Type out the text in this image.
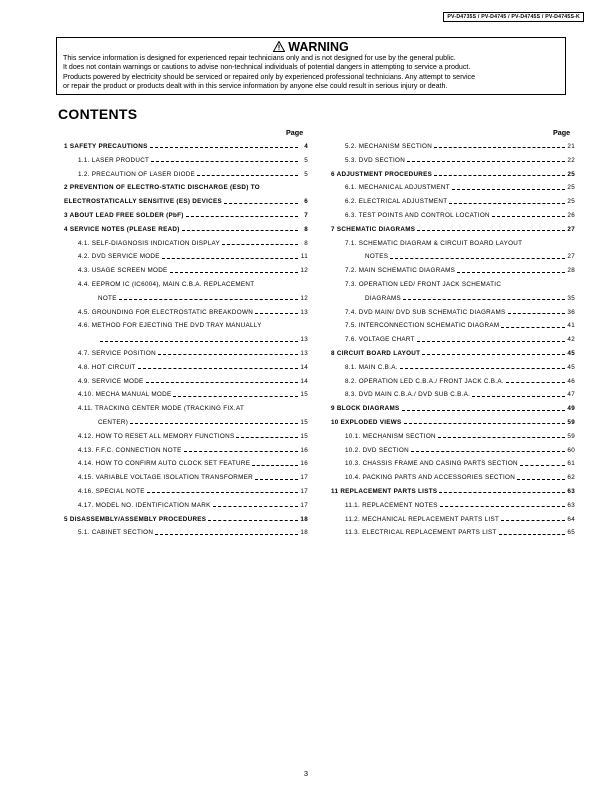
PV-D4735S / PV-D4745 / PV-D4745S / PV-D4745S-K
WARNING
This service information is designed for experienced repair technicians only and is not designed for use by the general public.
It does not contain warnings or cautions to advise non-technical individuals of potential dangers in attempting to service a product.
Products powered by electricity should be serviced or repaired only by experienced professional technicians. Any attempt to service
or repair the product or products dealt with in this service information by anyone else could result in serious injury or death.
CONTENTS
Page	Page
1 SAFETY PRECAUTIONS	4
1.1. LASER PRODUCT	5
1.2. PRECAUTION OF LASER DIODE	5
2 PREVENTION OF ELECTRO-STATIC DISCHARGE (ESD) TO
ELECTROSTATICALLY SENSITIVE (ES) DEVICES	6
3 ABOUT LEAD FREE SOLDER (PbF)	7
4 SERVICE NOTES (PLEASE READ)	8
4.1. SELF-DIAGNOSIS INDICATION DISPLAY	8
4.2. DVD SERVICE MODE	11
4.3. USAGE SCREEN MODE	12
4.4. EEPROM IC (IC6004), MAIN C.B.A. REPLACEMENT
NOTE	12
4.5. GROUNDING FOR ELECTROSTATIC BREAKDOWN	13
4.6. METHOD FOR EJECTING THE DVD TRAY MANUALLY
13
4.7. SERVICE POSITION	13
4.8. HOT CIRCUIT	14
4.9. SERVICE MODE	14
4.10. MECHA MANUAL MODE	15
4.11. TRACKING CENTER MODE (TRACKING FIX.AT
CENTER)	15
4.12. HOW TO RESET ALL MEMORY FUNCTIONS	15
4.13. F.F.C. CONNECTION NOTE	16
4.14. HOW TO CONFIRM AUTO CLOCK SET FEATURE	16
4.15. VARIABLE VOLTAGE ISOLATION TRANSFORMER	17
4.16. SPECIAL NOTE	17
4.17. MODEL NO. IDENTIFICATION MARK	17
5 DISASSEMBLY/ASSEMBLY PROCEDURES	18
5.1. CABINET SECTION	18
5.2. MECHANISM SECTION	21
5.3. DVD SECTION	22
6 ADJUSTMENT PROCEDURES	25
6.1. MECHANICAL ADJUSTMENT	25
6.2. ELECTRICAL ADJUSTMENT	25
6.3. TEST POINTS AND CONTROL LOCATION	26
7 SCHEMATIC DIAGRAMS	27
7.1. SCHEMATIC DIAGRAM & CIRCUIT BOARD LAYOUT
NOTES	27
7.2. MAIN SCHEMATIC DIAGRAMS	28
7.3. OPERATION LED/ FRONT JACK SCHEMATIC
DIAGRAMS	35
7.4. DVD MAIN/ DVD SUB SCHEMATIC DIAGRAMS	36
7.5. INTERCONNECTION SCHEMATIC DIAGRAM	41
7.6. VOLTAGE CHART	42
8 CIRCUIT BOARD LAYOUT	45
8.1. MAIN C.B.A.	45
8.2. OPERATION LED C.B.A./ FRONT JACK C.B.A.	46
8.3. DVD MAIN C.B.A./ DVD SUB C.B.A.	47
9 BLOCK DIAGRAMS	49
10 EXPLODED VIEWS	59
10.1. MECHANISM SECTION	59
10.2. DVD SECTION	60
10.3. CHASSIS FRAME AND CASING PARTS SECTION	61
10.4. PACKING PARTS AND ACCESSORIES SECTION	62
11 REPLACEMENT PARTS LISTS	63
11.1. REPLACEMENT NOTES	63
11.2. MECHANICAL REPLACEMENT PARTS LIST	64
11.3. ELECTRICAL REPLACEMENT PARTS LIST	65
3
